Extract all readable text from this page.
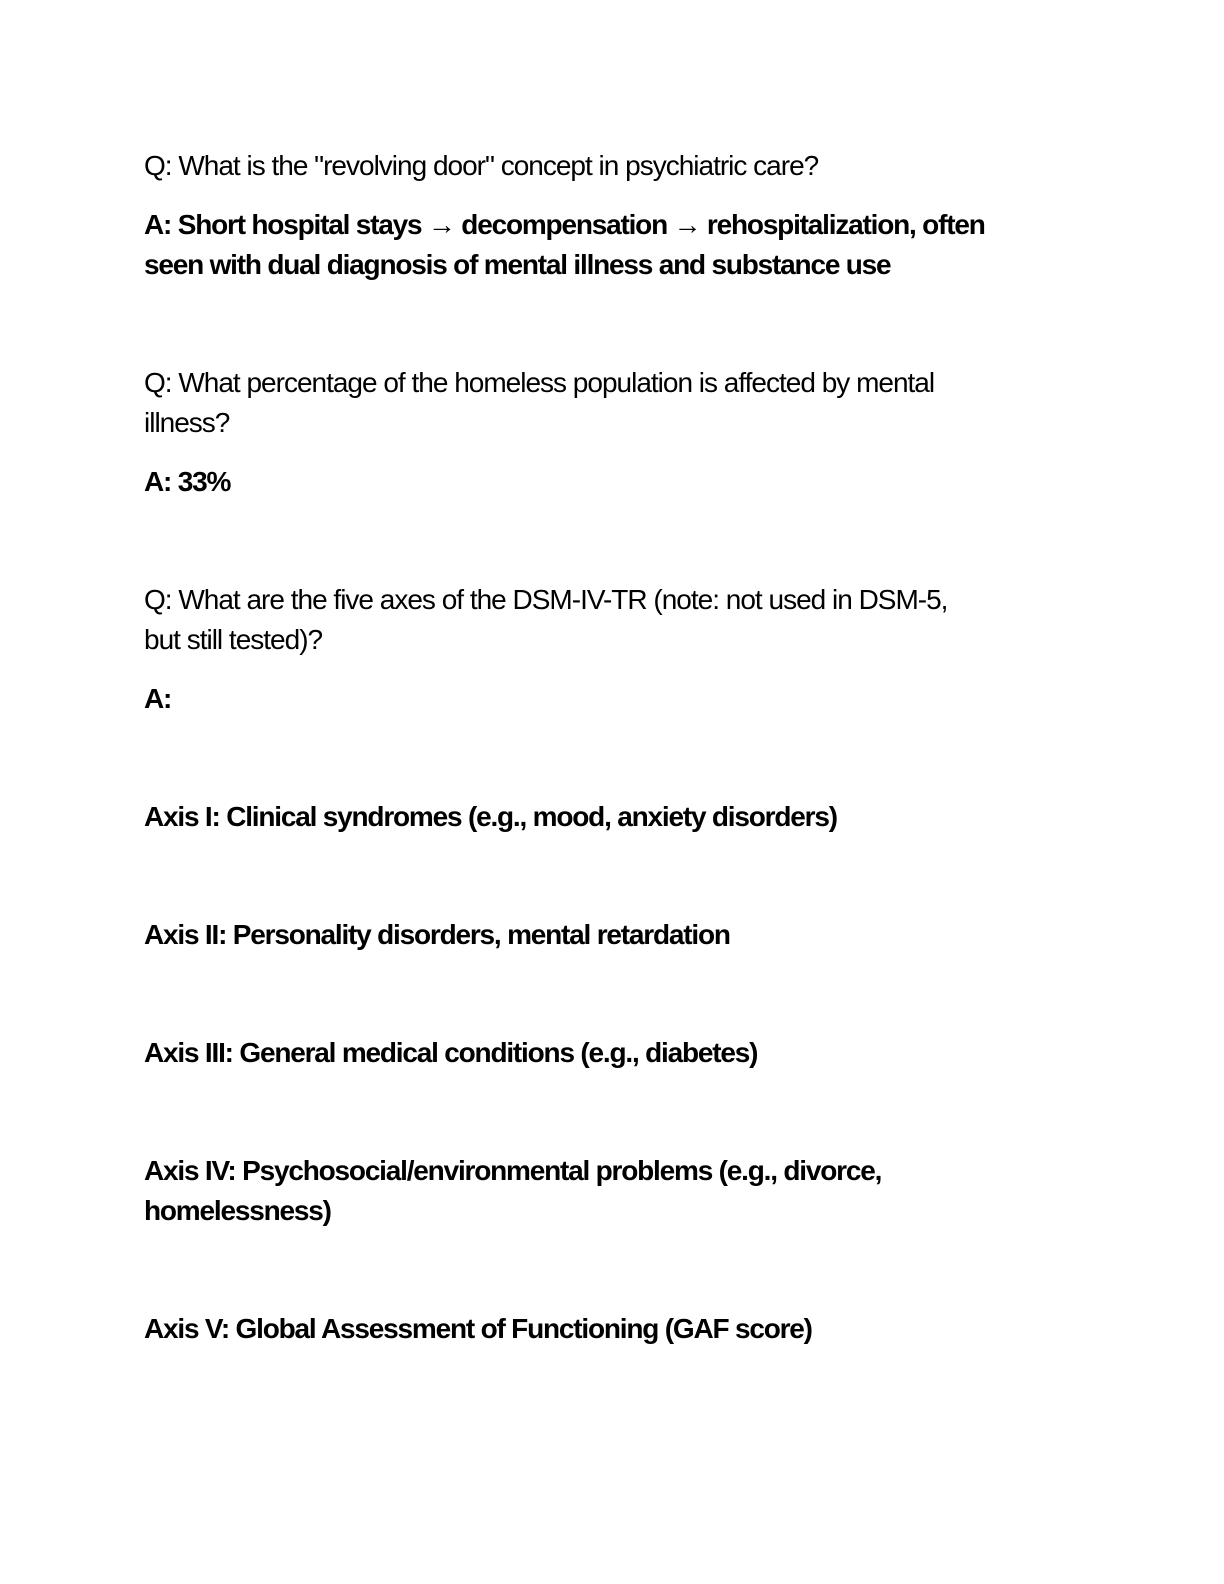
Q: What is the "revolving door" concept in psychiatric care?
A: Short hospital stays → decompensation → rehospitalization, often
seen with dual diagnosis of mental illness and substance use
Q: What percentage of the homeless population is affected by mental
illness?
A: 33%
Q: What are the five axes of the DSM-IV-TR (note: not used in DSM-5,
but still tested)?
A:
Axis I: Clinical syndromes (e.g., mood, anxiety disorders)
Axis II: Personality disorders, mental retardation
Axis III: General medical conditions (e.g., diabetes)
Axis IV: Psychosocial/environmental problems (e.g., divorce,
homelessness)
Axis V: Global Assessment of Functioning (GAF score)
